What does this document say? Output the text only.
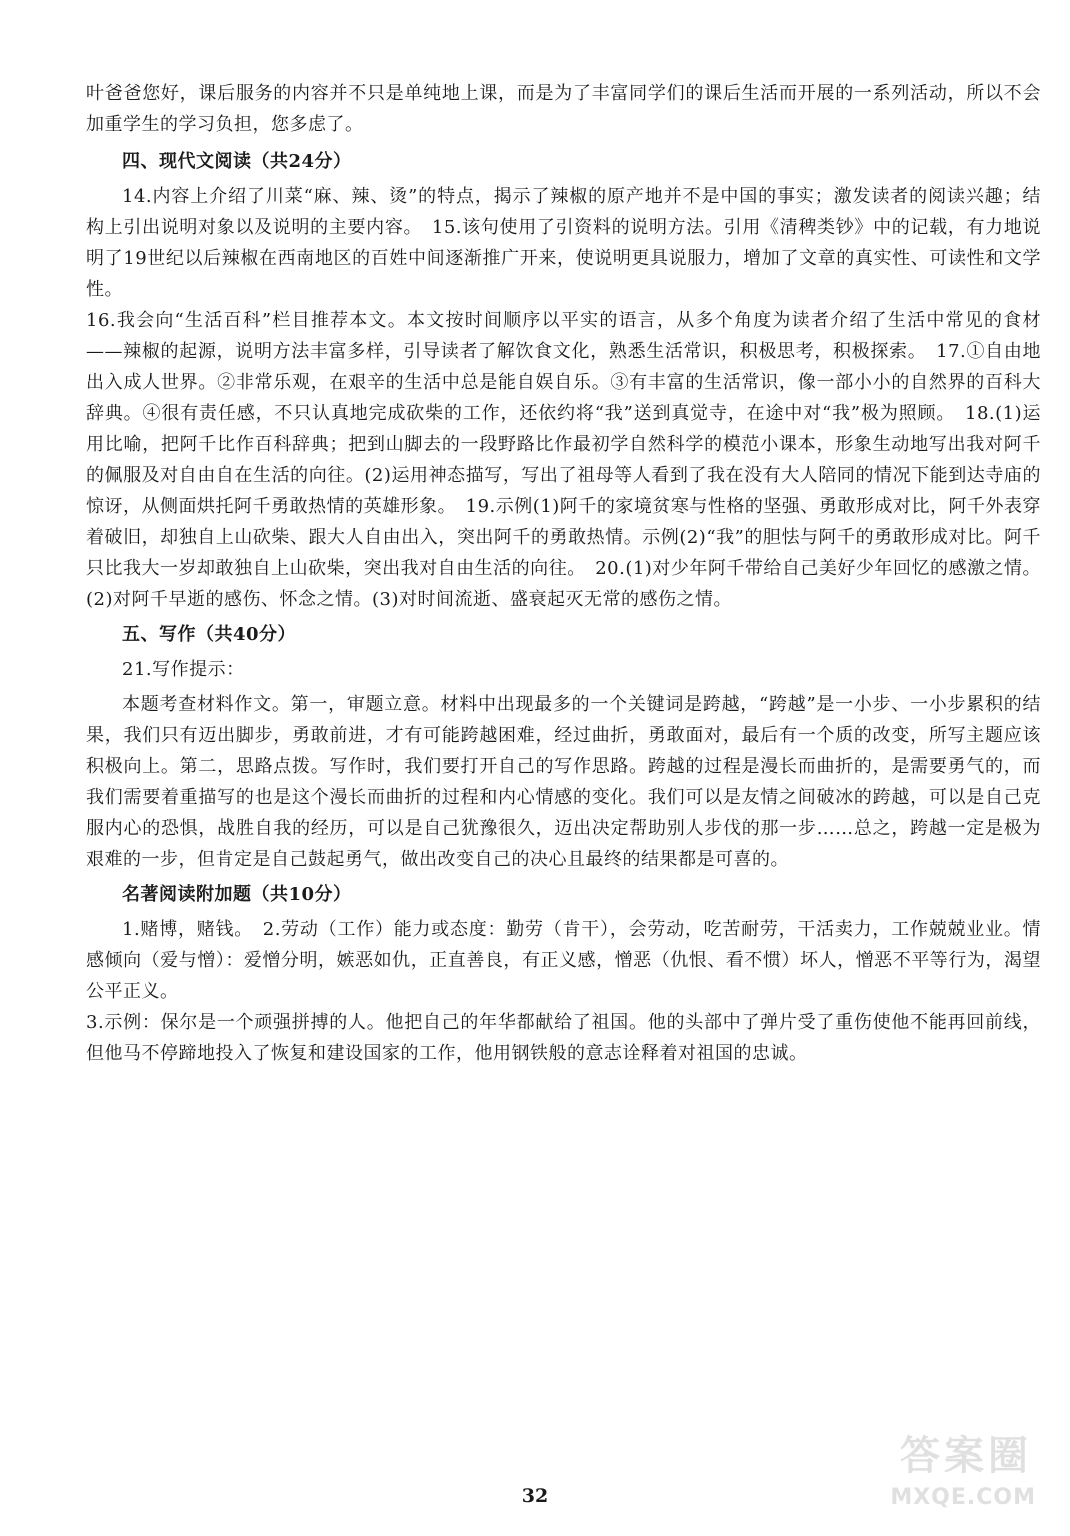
叶爸爸您好，课后服务的内容并不只是单纯地上课，而是为了丰富同学们的课后生活而开展的一系列活动，所以不会加重学生的学习负担，您多虑了。

四、现代文阅读（共24分）

14.内容上介绍了川菜“麻、辣、烫”的特点，揭示了辣椒的原产地并不是中国的事实；激发读者的阅读兴趣；结构上引出说明对象以及说明的主要内容。　15.该句使用了引资料的说明方法。引用《清稗类钞》中的记载，有力地说明了19世纪以后辣椒在西南地区的百姓中间逐渐推广开来，使说明更具说服力，增加了文章的真实性、可读性和文学性。

16.我会向“生活百科”栏目推荐本文。本文按时间顺序以平实的语言，从多个角度为读者介绍了生活中常见的食材——辣椒的起源，说明方法丰富多样，引导读者了解饮食文化，熟悉生活常识，积极思考，积极探索。　17.①自由地出入成人世界。②非常乐观，在艰辛的生活中总是能自娱自乐。③有丰富的生活常识，像一部小小的自然界的百科大辞典。④很有责任感，不只认真地完成砍柴的工作，还依约将“我”送到真觉寺，在途中对“我”极为照顾。　18.(1)运用比喻，把阿千比作百科辞典；把到山脚去的一段野路比作最初学自然科学的模范小课本，形象生动地写出我对阿千的佩服及对自由自在生活的向往。(2)运用神态描写，写出了祖母等人看到了我在没有大人陪同的情况下能到达寺庙的惊讶，从侧面烘托阿千勇敢热情的英雄形象。　19.示例(1)阿千的家境贫寒与性格的坚强、勇敢形成对比，阿千外表穿着破旧，却独自上山砍柴、跟大人自由出入，突出阿千的勇敢热情。示例(2)“我”的胆怯与阿千的勇敢形成对比。阿千只比我大一岁却敢独自上山砍柴，突出我对自由生活的向往。　20.(1)对少年阿千带给自己美好少年回忆的感激之情。(2)对阿千早逝的感伤、怀念之情。(3)对时间流逝、盛衰起灭无常的感伤之情。

五、写作（共40分）

21.写作提示：

本题考查材料作文。第一，审题立意。材料中出现最多的一个关键词是跨越，“跨越”是一小步、一小步累积的结果，我们只有迈出脚步，勇敢前进，才有可能跨越困难，经过曲折，勇敢面对，最后有一个质的改变，所写主题应该积极向上。第二，思路点拨。写作时，我们要打开自己的写作思路。跨越的过程是漫长而曲折的，是需要勇气的，而我们需要着重描写的也是这个漫长而曲折的过程和内心情感的变化。我们可以是友情之间破冰的跨越，可以是自己克服内心的恐惧，战胜自我的经历，可以是自己犹豫很久，迈出决定帮助别人步伐的那一步……总之，跨越一定是极为艰难的一步，但肯定是自己鼓起勇气，做出改变自己的决心且最终的结果都是可喜的。

名著阅读附加题（共10分）

1.赌博，赌钱。　2.劳动（工作）能力或态度：勤劳（肯干），会劳动，吃苦耐劳，干活卖力，工作兢兢业业。情感倾向（爱与憎）：爱憎分明，嫉恶如仇，正直善良，有正义感，憎恶（仇恨、看不惯）坏人，憎恶不平等行为，渴望公平正义。

3.示例：保尔是一个顽强拼搏的人。他把自己的年华都献给了祖国。他的头部中了弹片受了重伤使他不能再回前线，但他马不停蹄地投入了恢复和建设国家的工作，他用钢铁般的意志诠释着对祖国的忠诚。

32
答案圈
MXQE.COM
